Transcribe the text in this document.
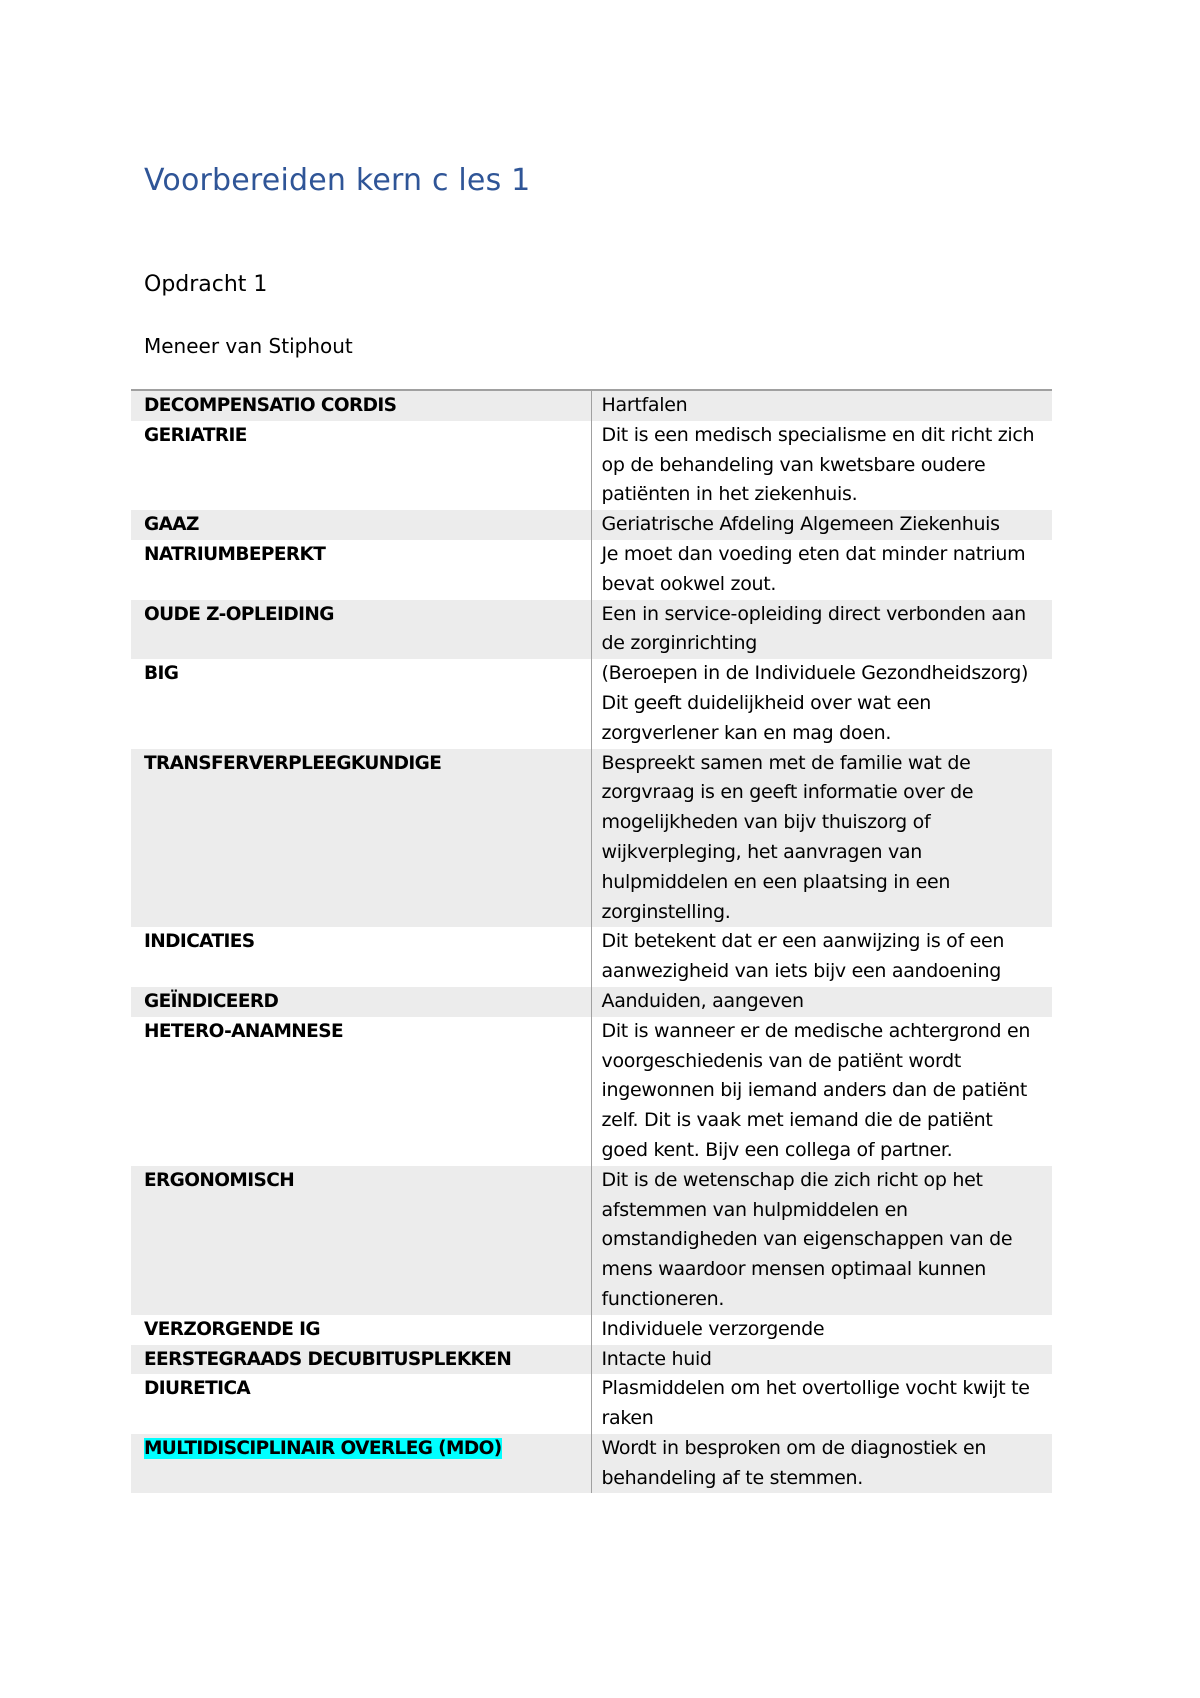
Voorbereiden kern c les 1
Opdracht 1
Meneer van Stiphout
DECOMPENSATIO CORDIS	Hartfalen
GERIATRIE	Dit is een medisch specialisme en dit richt zich op de behandeling van kwetsbare oudere patiënten in het ziekenhuis.
GAAZ	Geriatrische Afdeling Algemeen Ziekenhuis
NATRIUMBEPERKT	Je moet dan voeding eten dat minder natrium bevat ookwel zout.
OUDE Z-OPLEIDING	Een in service-opleiding direct verbonden aan de zorginrichting
BIG	(Beroepen in de Individuele Gezondheidszorg) Dit geeft duidelijkheid over wat een zorgverlener kan en mag doen.
TRANSFERVERPLEEGKUNDIGE	Bespreekt samen met de familie wat de zorgvraag is en geeft informatie over de mogelijkheden van bijv thuiszorg of wijkverpleging, het aanvragen van hulpmiddelen en een plaatsing in een zorginstelling.
INDICATIES	Dit betekent dat er een aanwijzing is of een aanwezigheid van iets bijv een aandoening
GEÏNDICEERD	Aanduiden, aangeven
HETERO-ANAMNESE	Dit is wanneer er de medische achtergrond en voorgeschiedenis van de patiënt wordt ingewonnen bij iemand anders dan de patiënt zelf. Dit is vaak met iemand die de patiënt goed kent. Bijv een collega of partner.
ERGONOMISCH	Dit is de wetenschap die zich richt op het afstemmen van hulpmiddelen en omstandigheden van eigenschappen van de mens waardoor mensen optimaal kunnen functioneren.
VERZORGENDE IG	Individuele verzorgende
EERSTEGRAADS DECUBITUSPLEKKEN	Intacte huid
DIURETICA	Plasmiddelen om het overtollige vocht kwijt te raken
MULTIDISCIPLINAIR OVERLEG (MDO)	Wordt in besproken om de diagnostiek en behandeling af te stemmen.
